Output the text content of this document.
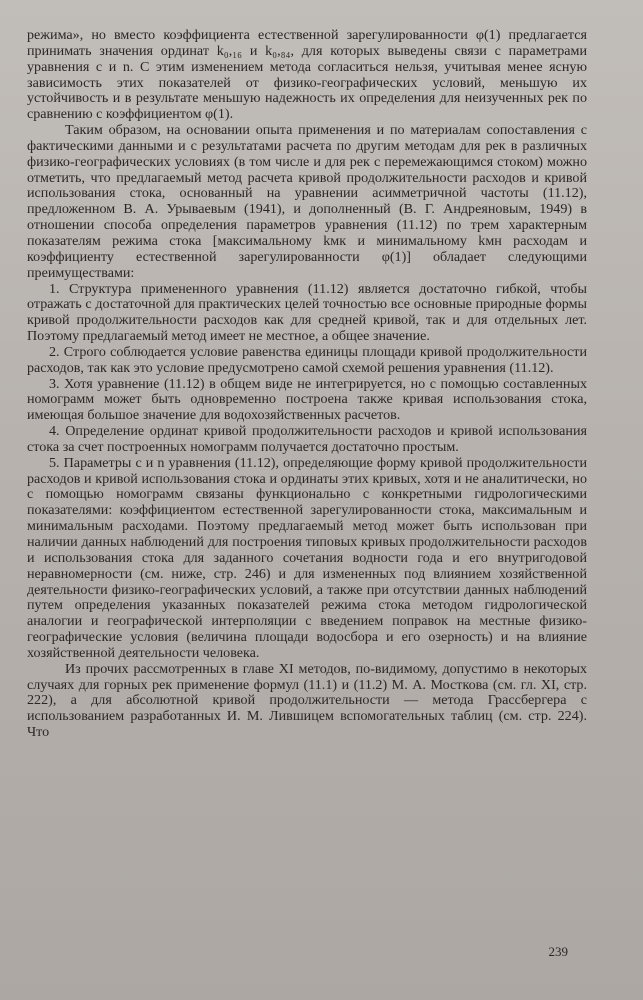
режима», но вместо коэффициента естественной зарегулированности φ(1) предлагается принимать значения ординат k₀,₁₆ и k₀,₈₄, для которых выведены связи с параметрами уравнения c и n. С этим изменением метода согласиться нельзя, учитывая менее ясную зависимость этих показателей от физико-географических условий, меньшую их устойчивость и в результате меньшую надежность их определения для неизученных рек по сравнению с коэффициентом φ(1).

Таким образом, на основании опыта применения и по материалам сопоставления с фактическими данными и с результатами расчета по другим методам для рек в различных физико-географических условиях (в том числе и для рек с перемежающимся стоком) можно отметить, что предлагаемый метод расчета кривой продолжительности расходов и кривой использования стока, основанный на уравнении асимметричной частоты (11.12), предложенном В. А. Урываевым (1941), и дополненный (В. Г. Андреяновым, 1949) в отношении способа определения параметров уравнения (11.12) по трем характерным показателям режима стока [максимальному kмк и минимальному kмн расходам и коэффициенту естественной зарегулированности φ(1)] обладает следующими преимуществами:

1. Структура примененного уравнения (11.12) является достаточно гибкой, чтобы отражать с достаточной для практических целей точностью все основные природные формы кривой продолжительности расходов как для средней кривой, так и для отдельных лет. Поэтому предлагаемый метод имеет не местное, а общее значение.

2. Строго соблюдается условие равенства единицы площади кривой продолжительности расходов, так как это условие предусмотрено самой схемой решения уравнения (11.12).

3. Хотя уравнение (11.12) в общем виде не интегрируется, но с помощью составленных номограмм может быть одновременно построена также кривая использования стока, имеющая большое значение для водохозяйственных расчетов.

4. Определение ординат кривой продолжительности расходов и кривой использования стока за счет построенных номограмм получается достаточно простым.

5. Параметры c и n уравнения (11.12), определяющие форму кривой продолжительности расходов и кривой использования стока и ординаты этих кривых, хотя и не аналитически, но с помощью номограмм связаны функционально с конкретными гидрологическими показателями: коэффициентом естественной зарегулированности стока, максимальным и минимальным расходами. Поэтому предлагаемый метод может быть использован при наличии данных наблюдений для построения типовых кривых продолжительности расходов и использования стока для заданного сочетания водности года и его внутригодовой неравномерности (см. ниже, стр. 246) и для измененных под влиянием хозяйственной деятельности физико-географических условий, а также при отсутствии данных наблюдений путем определения указанных показателей режима стока методом гидрологической аналогии и географической интерполяции с введением поправок на местные физико-географические условия (величина площади водосбора и его озерность) и на влияние хозяйственной деятельности человека.

Из прочих рассмотренных в главе XI методов, по-видимому, допустимо в некоторых случаях для горных рек применение формул (11.1) и (11.2) М. А. Мосткова (см. гл. XI, стр. 222), а для абсолютной кривой продолжительности — метода Грассбергера с использованием разработанных И. М. Лившицем вспомогательных таблиц (см. стр. 224). Что

239
